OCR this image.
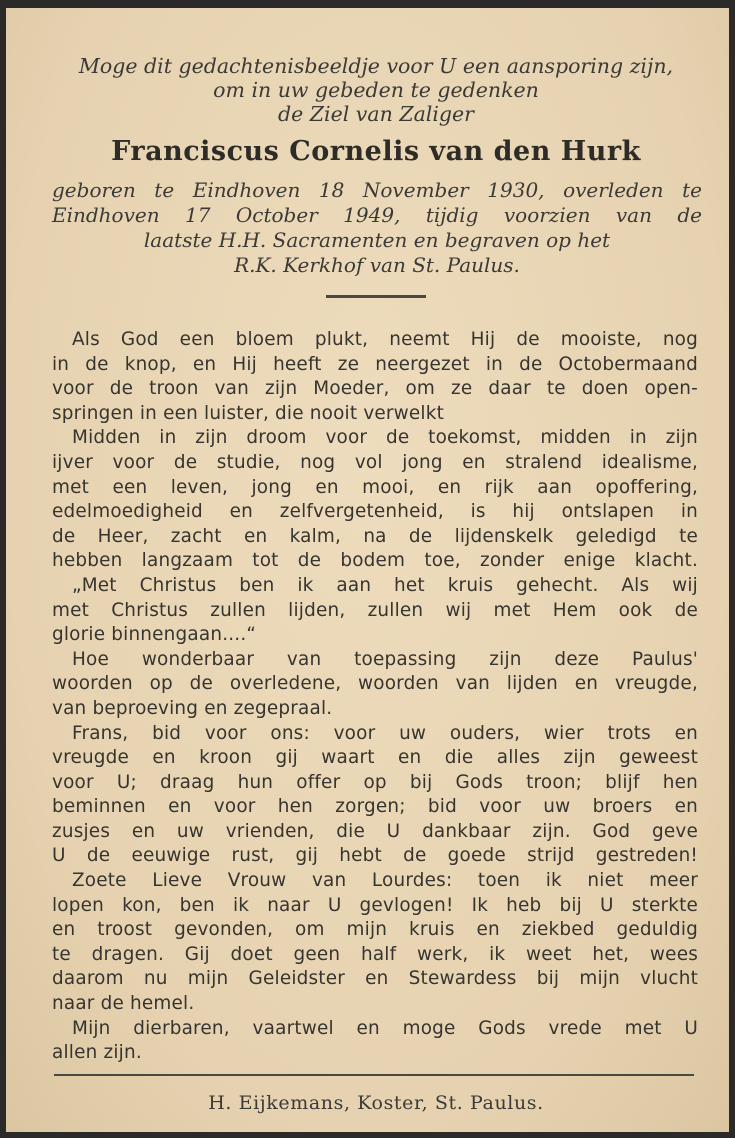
Moge dit gedachtenisbeeldje voor U een aansporing zijn,
om in uw gebeden te gedenken
de Ziel van Zaliger
Franciscus Cornelis van den Hurk
geboren te Eindhoven 18 November 1930, overleden te
Eindhoven 17 October 1949, tijdig voorzien van de
laatste H.H. Sacramenten en begraven op het
R.K. Kerkhof van St. Paulus.
Als God een bloem plukt, neemt Hij de mooiste, nog
in de knop, en Hij heeft ze neergezet in de Octobermaand
voor de troon van zijn Moeder, om ze daar te doen open-
springen in een luister, die nooit verwelkt
Midden in zijn droom voor de toekomst, midden in zijn
ijver voor de studie, nog vol jong en stralend idealisme,
met een leven, jong en mooi, en rijk aan opoffering,
edelmoedigheid en zelfvergetenheid, is hij ontslapen in
de Heer, zacht en kalm, na de lijdenskelk geledigd te
hebben langzaam tot de bodem toe, zonder enige klacht.
„Met Christus ben ik aan het kruis gehecht. Als wij
met Christus zullen lijden, zullen wij met Hem ook de
glorie binnengaan....“
Hoe wonderbaar van toepassing zijn deze Paulus'
woorden op de overledene, woorden van lijden en vreugde,
van beproeving en zegepraal.
Frans, bid voor ons: voor uw ouders, wier trots en
vreugde en kroon gij waart en die alles zijn geweest
voor U; draag hun offer op bij Gods troon; blijf hen
beminnen en voor hen zorgen; bid voor uw broers en
zusjes en uw vrienden, die U dankbaar zijn. God geve
U de eeuwige rust, gij hebt de goede strijd gestreden!
Zoete Lieve Vrouw van Lourdes: toen ik niet meer
lopen kon, ben ik naar U gevlogen! Ik heb bij U sterkte
en troost gevonden, om mijn kruis en ziekbed geduldig
te dragen. Gij doet geen half werk, ik weet het, wees
daarom nu mijn Geleidster en Stewardess bij mijn vlucht
naar de hemel.
Mijn dierbaren, vaartwel en moge Gods vrede met U
allen zijn.
H. Eijkemans, Koster, St. Paulus.
